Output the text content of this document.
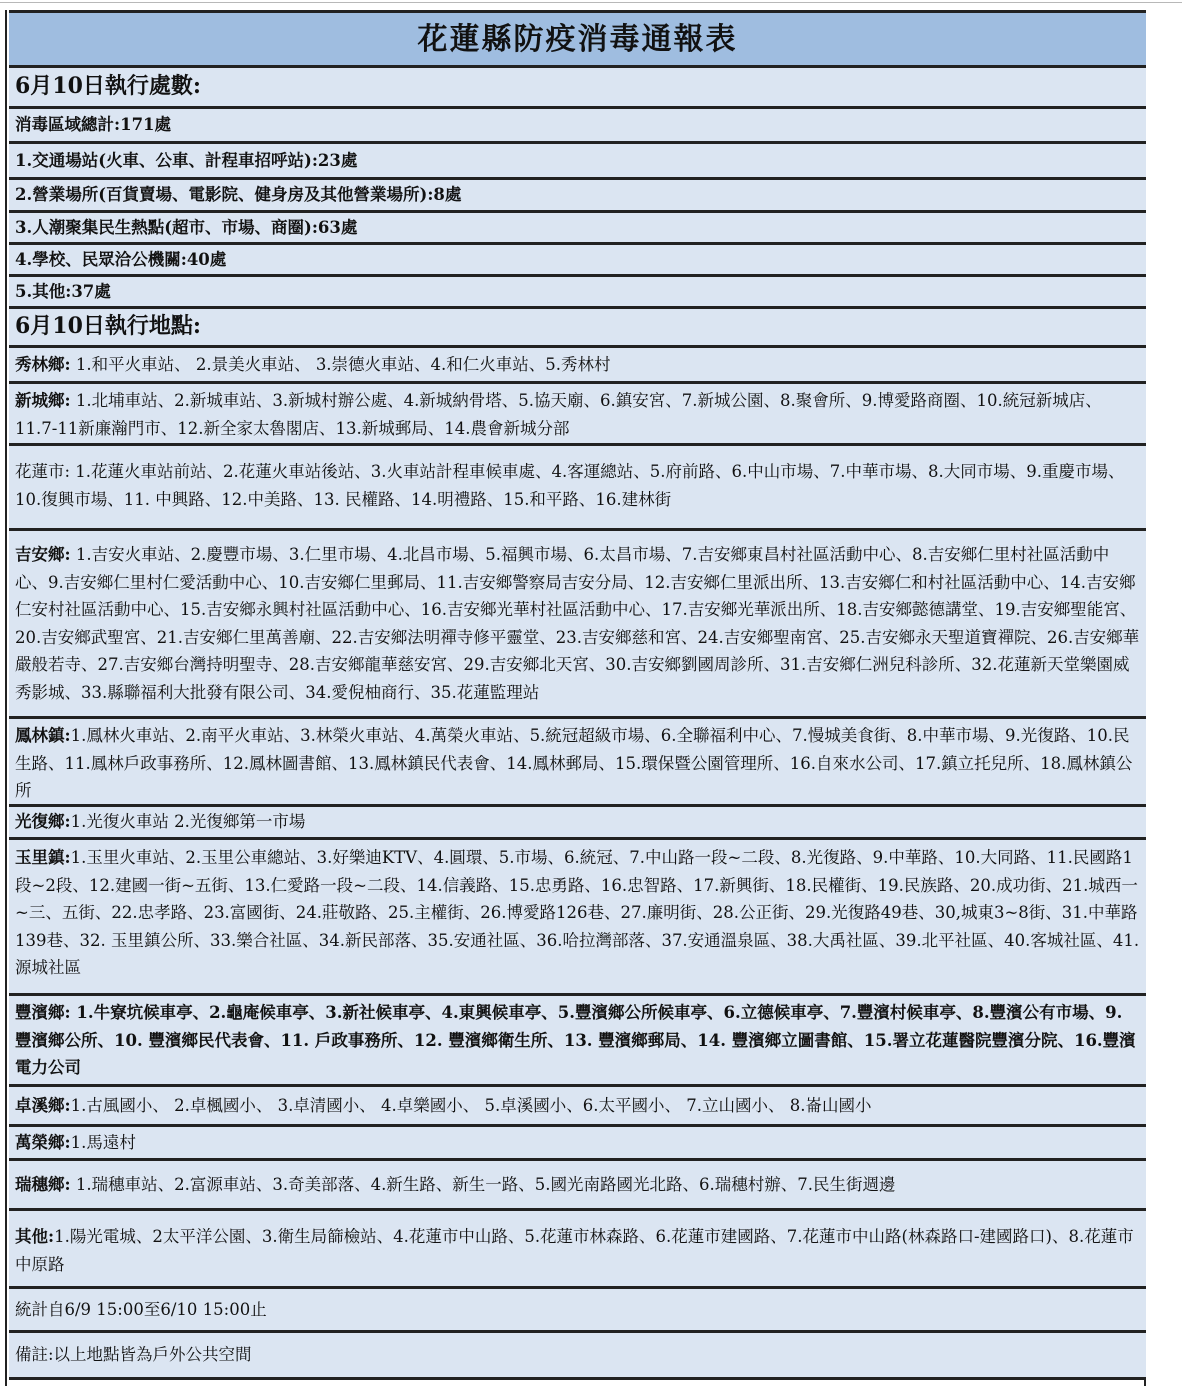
花蓮縣防疫消毒通報表
6月10日執行處數:
消毒區域總計:171處
1.交通場站(火車、公車、計程車招呼站):23處
2.營業場所(百貨賣場、電影院、健身房及其他營業場所):8處
3.人潮聚集民生熱點(超市、市場、商圈):63處
4.學校、民眾洽公機關:40處
5.其他:37處
6月10日執行地點:
秀林鄉: 1.和平火車站、 2.景美火車站、 3.崇德火車站、4.和仁火車站、5.秀林村
新城鄉: 1.北埔車站、2.新城車站、3.新城村辦公處、4.新城納骨塔、5.協天廟、6.鎮安宮、7.新城公園、8.聚會所、9.博愛路商圈、10.統冠新城店、11.7-11新廉瀚門市、12.新全家太魯閣店、13.新城郵局、14.農會新城分部
花蓮市: 1.花蓮火車站前站、2.花蓮火車站後站、3.火車站計程車候車處、4.客運總站、5.府前路、6.中山市場、7.中華市場、8.大同市場、9.重慶市場、10.復興市場、11. 中興路、12.中美路、13. 民權路、14.明禮路、15.和平路、16.建林街
吉安鄉: 1.吉安火車站、2.慶豐市場、3.仁里市場、4.北昌市場、5.福興市場、6.太昌市場、7.吉安鄉東昌村社區活動中心、8.吉安鄉仁里村社區活動中心、9.吉安鄉仁里村仁愛活動中心、10.吉安鄉仁里郵局、11.吉安鄉警察局吉安分局、12.吉安鄉仁里派出所、13.吉安鄉仁和村社區活動中心、14.吉安鄉仁安村社區活動中心、15.吉安鄉永興村社區活動中心、16.吉安鄉光華村社區活動中心、17.吉安鄉光華派出所、18.吉安鄉懿德講堂、19.吉安鄉聖能宮、20.吉安鄉武聖宮、21.吉安鄉仁里萬善廟、22.吉安鄉法明禪寺修平靈堂、23.吉安鄉慈和宮、24.吉安鄉聖南宮、25.吉安鄉永天聖道寶禪院、26.吉安鄉華嚴般若寺、27.吉安鄉台灣持明聖寺、28.吉安鄉龍華慈安宮、29.吉安鄉北天宮、30.吉安鄉劉國周診所、31.吉安鄉仁洲兒科診所、32.花蓮新天堂樂園威秀影城、33.縣聯福利大批發有限公司、34.愛倪柚商行、35.花蓮監理站
鳳林鎮:1.鳳林火車站、2.南平火車站、3.林榮火車站、4.萬榮火車站、5.統冠超級市場、6.全聯福利中心、7.慢城美食街、8.中華市場、9.光復路、10.民生路、11.鳳林戶政事務所、12.鳳林圖書館、13.鳳林鎮民代表會、14.鳳林郵局、15.環保暨公園管理所、16.自來水公司、17.鎮立托兒所、18.鳳林鎮公所
光復鄉:1.光復火車站 2.光復鄉第一市場
玉里鎮:1.玉里火車站、2.玉里公車總站、3.好樂迪KTV、4.圓環、5.市場、6.統冠、7.中山路一段~二段、8.光復路、9.中華路、10.大同路、11.民國路1段~2段、12.建國一街~五街、13.仁愛路一段~二段、14.信義路、15.忠勇路、16.忠智路、17.新興街、18.民權街、19.民族路、20.成功街、21.城西一~三、五街、22.忠孝路、23.富國街、24.莊敬路、25.主權街、26.博愛路126巷、27.廉明街、28.公正街、29.光復路49巷、30,城東3~8街、31.中華路139巷、32. 玉里鎮公所、33.樂合社區、34.新民部落、35.安通社區、36.哈拉灣部落、37.安通溫泉區、38.大禹社區、39.北平社區、40.客城社區、41.源城社區
豐濱鄉: 1.牛寮坑候車亭、2.龜庵候車亭、3.新社候車亭、4.東興候車亭、5.豐濱鄉公所候車亭、6.立德候車亭、7.豐濱村候車亭、8.豐濱公有市場、9. 豐濱鄉公所、10. 豐濱鄉民代表會、11. 戶政事務所、12. 豐濱鄉衛生所、13. 豐濱鄉郵局、14. 豐濱鄉立圖書館、15.署立花蓮醫院豐濱分院、16.豐濱電力公司
卓溪鄉:1.古風國小、 2.卓楓國小、 3.卓清國小、 4.卓樂國小、 5.卓溪國小、6.太平國小、 7.立山國小、 8.崙山國小
萬榮鄉:1.馬遠村
瑞穗鄉: 1.瑞穗車站、2.富源車站、3.奇美部落、4.新生路、新生一路、5.國光南路國光北路、6.瑞穗村辦、7.民生街週邊
其他:1.陽光電城、2太平洋公園、3.衛生局篩檢站、4.花蓮市中山路、5.花蓮市林森路、6.花蓮市建國路、7.花蓮市中山路(林森路口-建國路口)、8.花蓮市中原路
統計自6/9 15:00至6/10 15:00止
備註:以上地點皆為戶外公共空間
